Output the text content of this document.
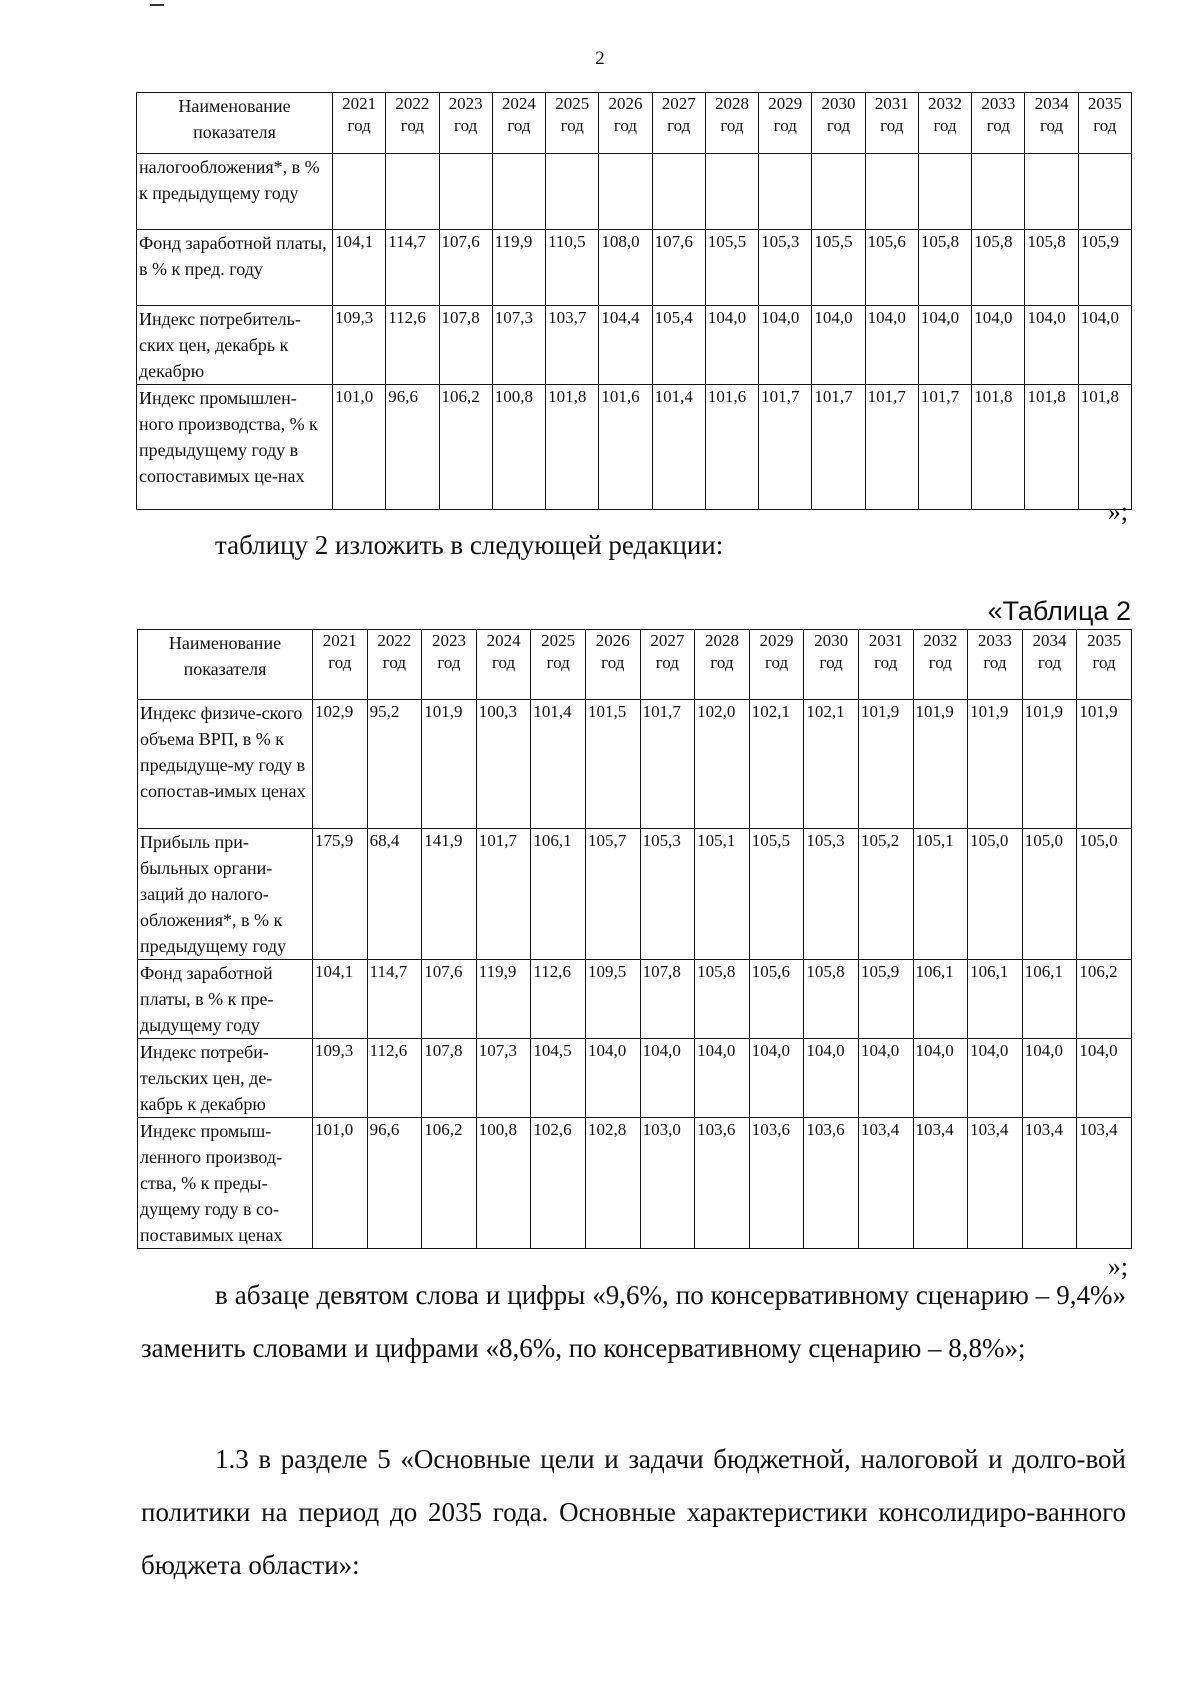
2
Наименование показателя	2021 год	2022 год	2023 год	2024 год	2025 год	2026 год	2027 год	2028 год	2029 год	2030 год	2031 год	2032 год	2033 год	2034 год	2035 год
налогообложения*, в % к предыдущему году															
Фонд заработной платы, в % к пред. году	104,1	114,7	107,6	119,9	110,5	108,0	107,6	105,5	105,3	105,5	105,6	105,8	105,8	105,8	105,9
Индекс потребитель-ских цен, декабрь к декабрю	109,3	112,6	107,8	107,3	103,7	104,4	105,4	104,0	104,0	104,0	104,0	104,0	104,0	104,0	104,0
Индекс промышлен-ного производства, % к предыдущему году в сопоставимых це-нах	101,0	96,6	106,2	100,8	101,8	101,6	101,4	101,6	101,7	101,7	101,7	101,7	101,8	101,8	101,8
»;
таблицу 2 изложить в следующей редакции:
«Таблица 2
Наименование показателя	2021 год	2022 год	2023 год	2024 год	2025 год	2026 год	2027 год	2028 год	2029 год	2030 год	2031 год	2032 год	2033 год	2034 год	2035 год
Индекс физиче-ского объема ВРП, в % к предыдуще-му году в сопостав-имых ценах	102,9	95,2	101,9	100,3	101,4	101,5	101,7	102,0	102,1	102,1	101,9	101,9	101,9	101,9	101,9
Прибыль при-быльных органи-заций до налого-обложения*, в % к предыдущему году	175,9	68,4	141,9	101,7	106,1	105,7	105,3	105,1	105,5	105,3	105,2	105,1	105,0	105,0	105,0
Фонд заработной платы, в % к пре-дыдущему году	104,1	114,7	107,6	119,9	112,6	109,5	107,8	105,8	105,6	105,8	105,9	106,1	106,1	106,1	106,2
Индекс потреби-тельских цен, де-кабрь к декабрю	109,3	112,6	107,8	107,3	104,5	104,0	104,0	104,0	104,0	104,0	104,0	104,0	104,0	104,0	104,0
Индекс промыш-ленного производ-ства, % к преды-дущему году в со-поставимых ценах	101,0	96,6	106,2	100,8	102,6	102,8	103,0	103,6	103,6	103,6	103,4	103,4	103,4	103,4	103,4
»;
в абзаце девятом слова и цифры «9,6%, по консервативному сценарию – 9,4%» заменить словами и цифрами «8,6%, по консервативному сценарию – 8,8%»;
1.3 в разделе 5 «Основные цели и задачи бюджетной, налоговой и долго-вой политики на период до 2035 года. Основные характеристики консолидиро-ванного бюджета области»:
